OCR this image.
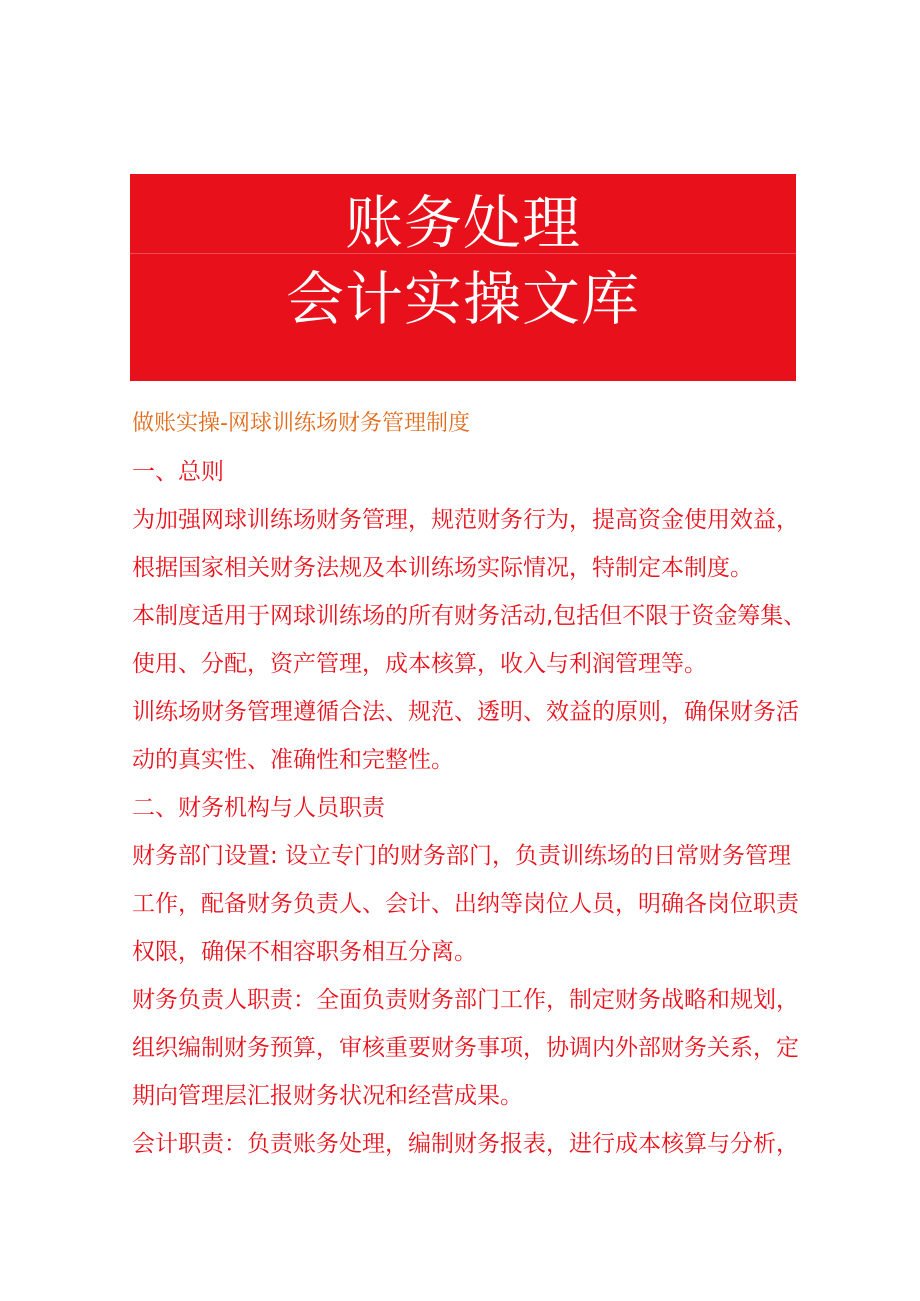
账务处理
会计实操文库

做账实操-网球训练场财务管理制度

一、总则

为加强网球训练场财务管理，规范财务行为，提高资金使用效益，

根据国家相关财务法规及本训练场实际情况，特制定本制度。

本制度适用于网球训练场的所有财务活动,包括但不限于资金筹集、

使用、分配，资产管理，成本核算，收入与利润管理等。

训练场财务管理遵循合法、规范、透明、效益的原则，确保财务活

动的真实性、准确性和完整性。

二、财务机构与人员职责

财务部门设置: 设立专门的财务部门，负责训练场的日常财务管理

工作，配备财务负责人、会计、出纳等岗位人员，明确各岗位职责

权限，确保不相容职务相互分离。

财务负责人职责：全面负责财务部门工作，制定财务战略和规划，

组织编制财务预算，审核重要财务事项，协调内外部财务关系，定

期向管理层汇报财务状况和经营成果。

会计职责：负责账务处理，编制财务报表，进行成本核算与分析，
